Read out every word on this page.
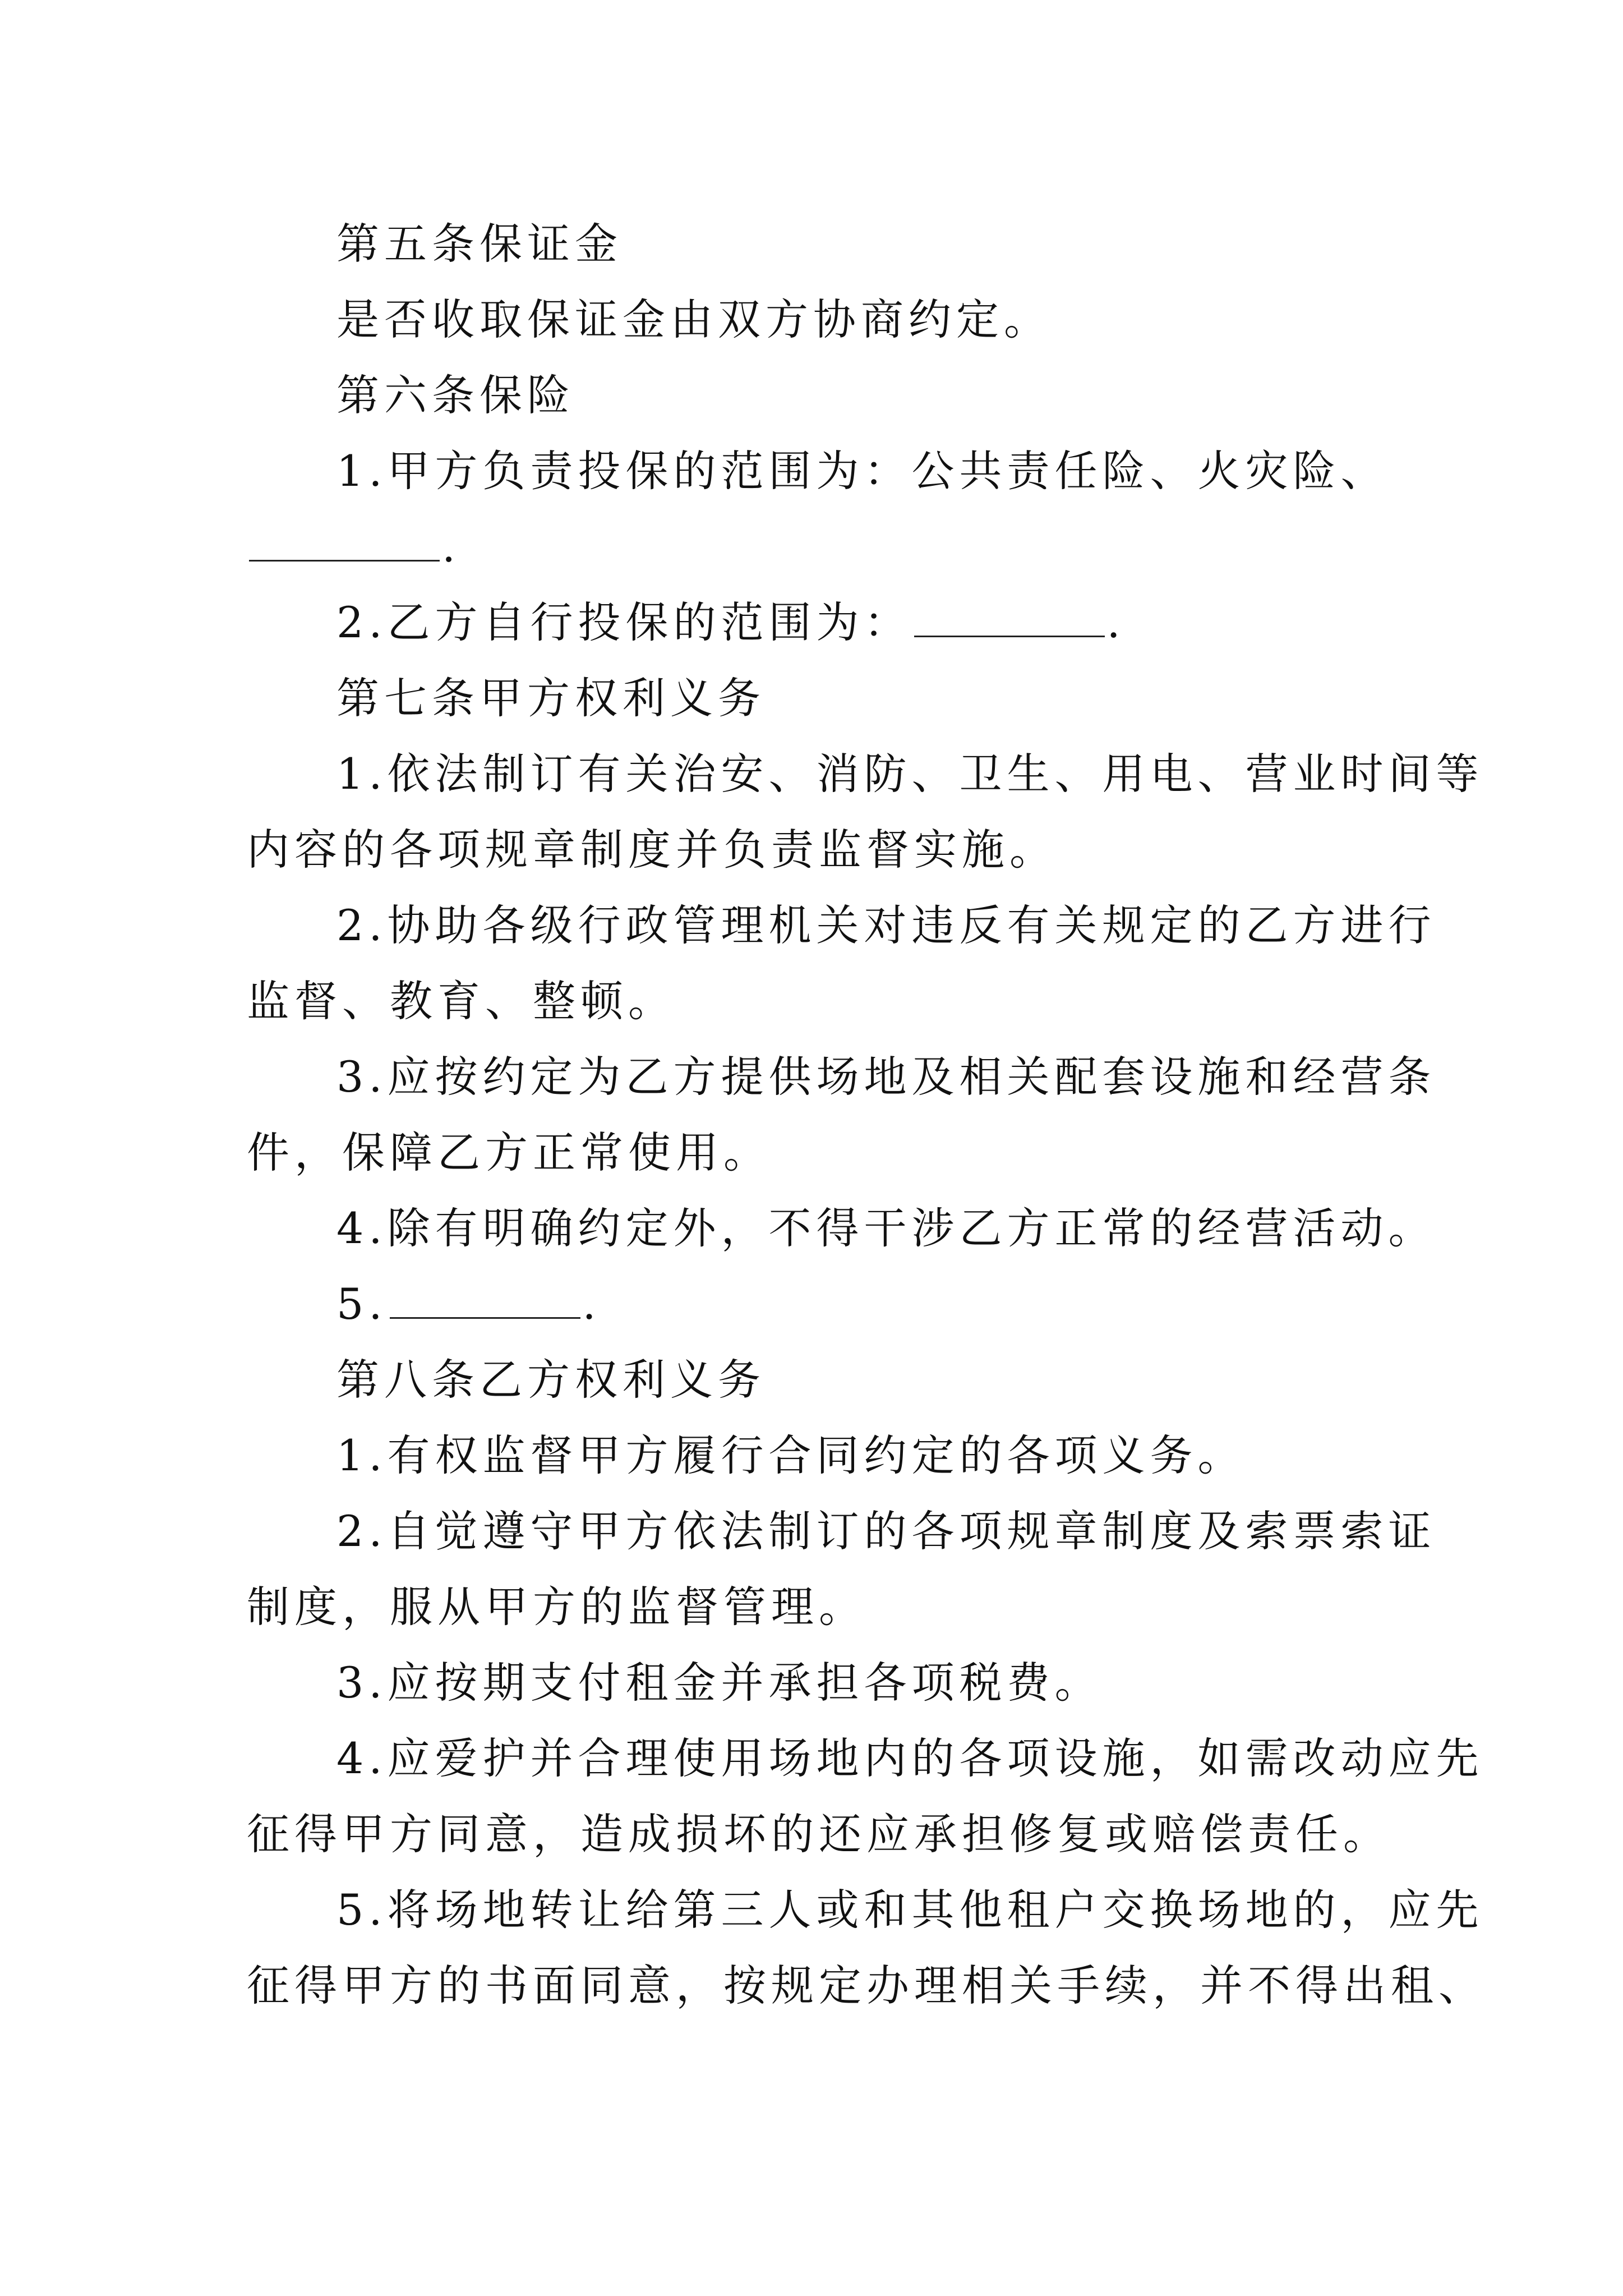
第五条保证金

是否收取保证金由双方协商约定。

第六条保险

1.甲方负责投保的范围为：公共责任险、火灾险、

.

2.乙方自行投保的范围为：	.

第七条甲方权利义务

1.依法制订有关治安、消防、卫生、用电、营业时间等

内容的各项规章制度并负责监督实施。

2.协助各级行政管理机关对违反有关规定的乙方进行

监督、教育、整顿。

3.应按约定为乙方提供场地及相关配套设施和经营条

件，保障乙方正常使用。

4.除有明确约定外，不得干涉乙方正常的经营活动。

5.	.

第八条乙方权利义务

1.有权监督甲方履行合同约定的各项义务。

2.自觉遵守甲方依法制订的各项规章制度及索票索证

制度，服从甲方的监督管理。

3.应按期支付租金并承担各项税费。

4.应爱护并合理使用场地内的各项设施，如需改动应先

征得甲方同意，造成损坏的还应承担修复或赔偿责任。

5.将场地转让给第三人或和其他租户交换场地的，应先

征得甲方的书面同意，按规定办理相关手续，并不得出租、
